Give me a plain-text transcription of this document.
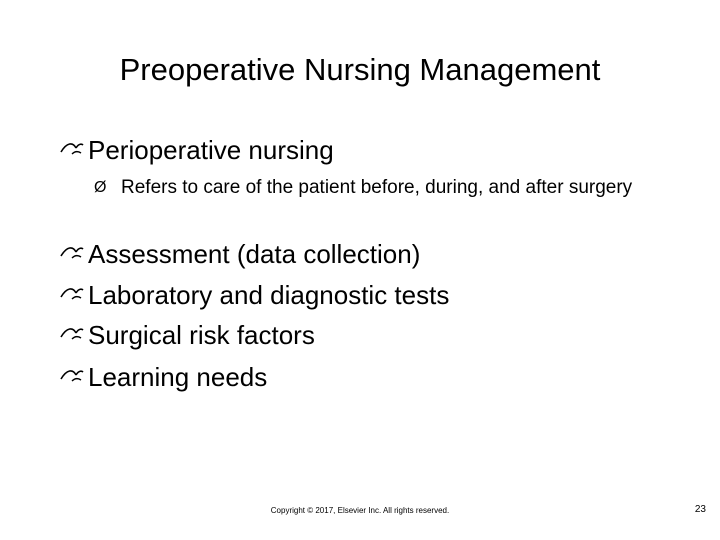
Preoperative Nursing Management
Perioperative nursing
Ø Refers to care of the patient before, during, and after surgery
Assessment (data collection)
Laboratory and diagnostic tests
Surgical risk factors
Learning needs
Copyright © 2017, Elsevier Inc. All rights reserved.	23
